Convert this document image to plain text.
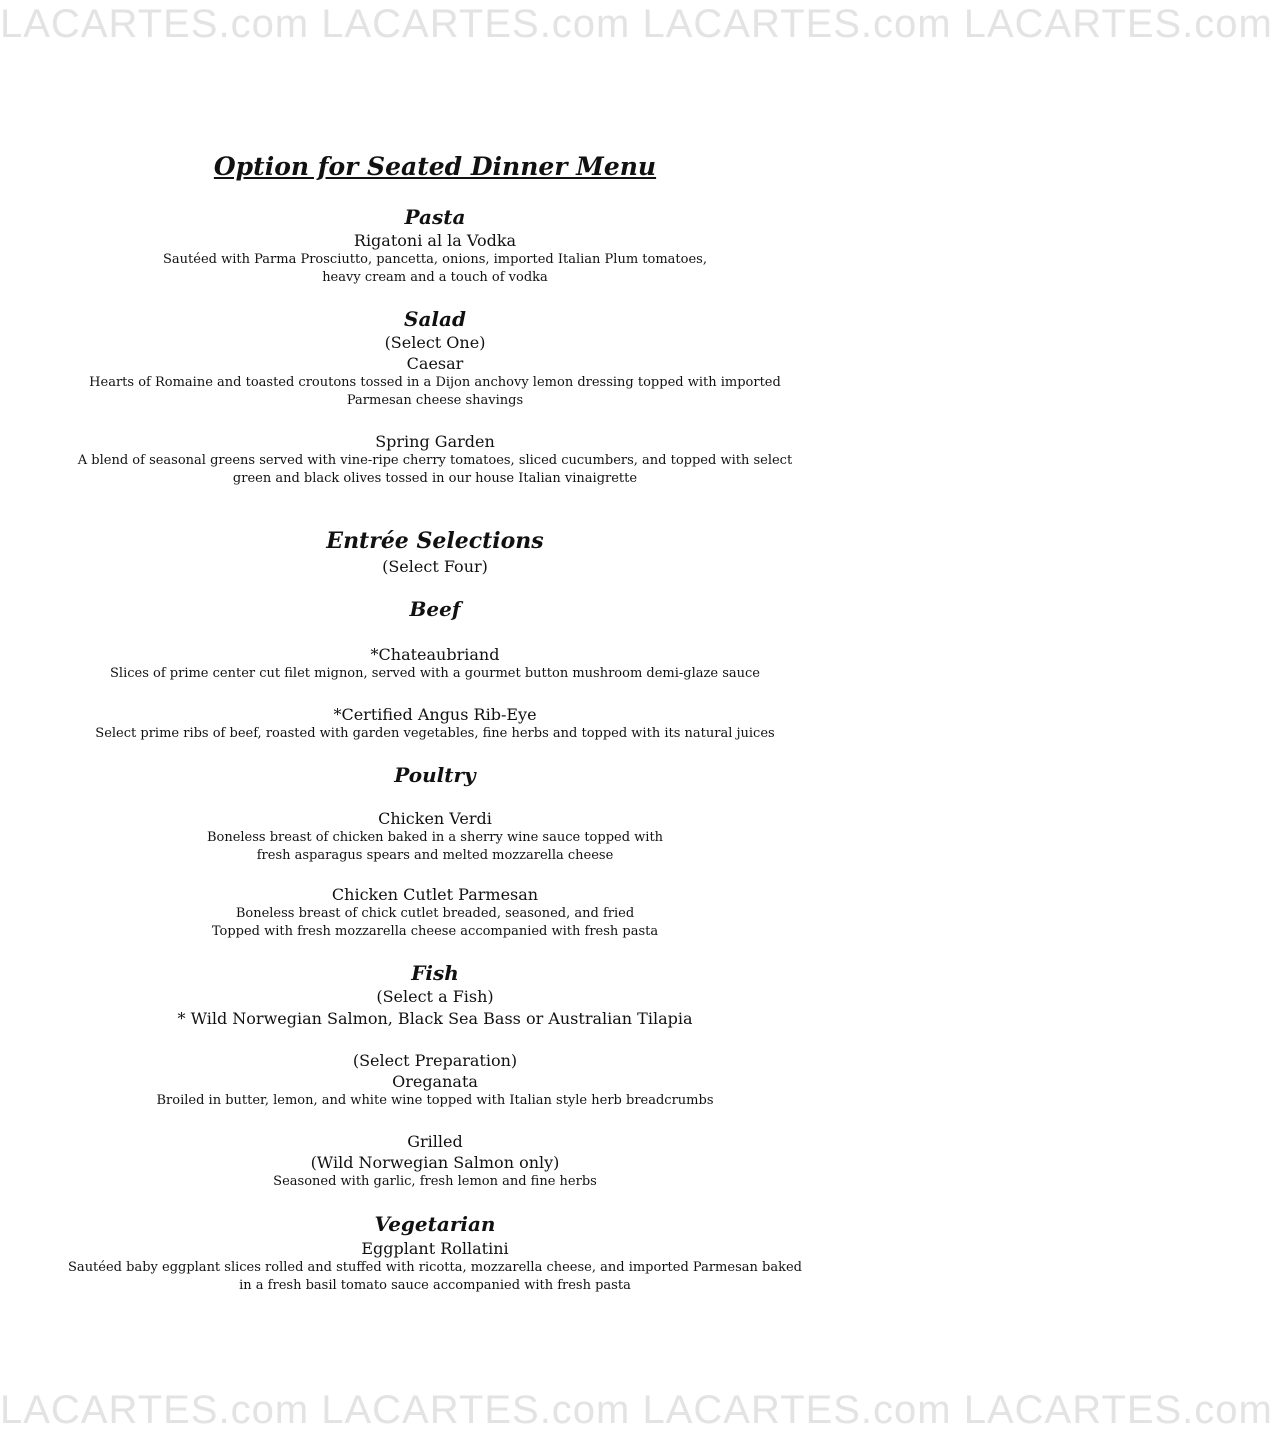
LACARTES.com LACARTES.com LACARTES.com LACARTES.com
Option for Seated Dinner Menu
Pasta
Rigatoni al la Vodka
Sautéed with Parma Prosciutto, pancetta, onions, imported Italian Plum tomatoes,
heavy cream and a touch of vodka
Salad
(Select One)
Caesar
Hearts of Romaine and toasted croutons tossed in a Dijon anchovy lemon dressing topped with imported
Parmesan cheese shavings
Spring Garden
A blend of seasonal greens served with vine-ripe cherry tomatoes, sliced cucumbers, and topped with select
green and black olives tossed in our house Italian vinaigrette
Entrée Selections
(Select Four)
Beef
*Chateaubriand
Slices of prime center cut filet mignon, served with a gourmet button mushroom demi-glaze sauce
*Certified Angus Rib-Eye
Select prime ribs of beef, roasted with garden vegetables, fine herbs and topped with its natural juices
Poultry
Chicken Verdi
Boneless breast of chicken baked in a sherry wine sauce topped with
fresh asparagus spears and melted mozzarella cheese
Chicken Cutlet Parmesan
Boneless breast of chick cutlet breaded, seasoned, and fried
Topped with fresh mozzarella cheese accompanied with fresh pasta
Fish
(Select a Fish)
* Wild Norwegian Salmon, Black Sea Bass or Australian Tilapia
(Select Preparation)
Oreganata
Broiled in butter, lemon, and white wine topped with Italian style herb breadcrumbs
Grilled
(Wild Norwegian Salmon only)
Seasoned with garlic, fresh lemon and fine herbs
Vegetarian
Eggplant Rollatini
Sautéed baby eggplant slices rolled and stuffed with ricotta, mozzarella cheese, and imported Parmesan baked
in a fresh basil tomato sauce accompanied with fresh pasta
LACARTES.com LACARTES.com LACARTES.com LACARTES.com
